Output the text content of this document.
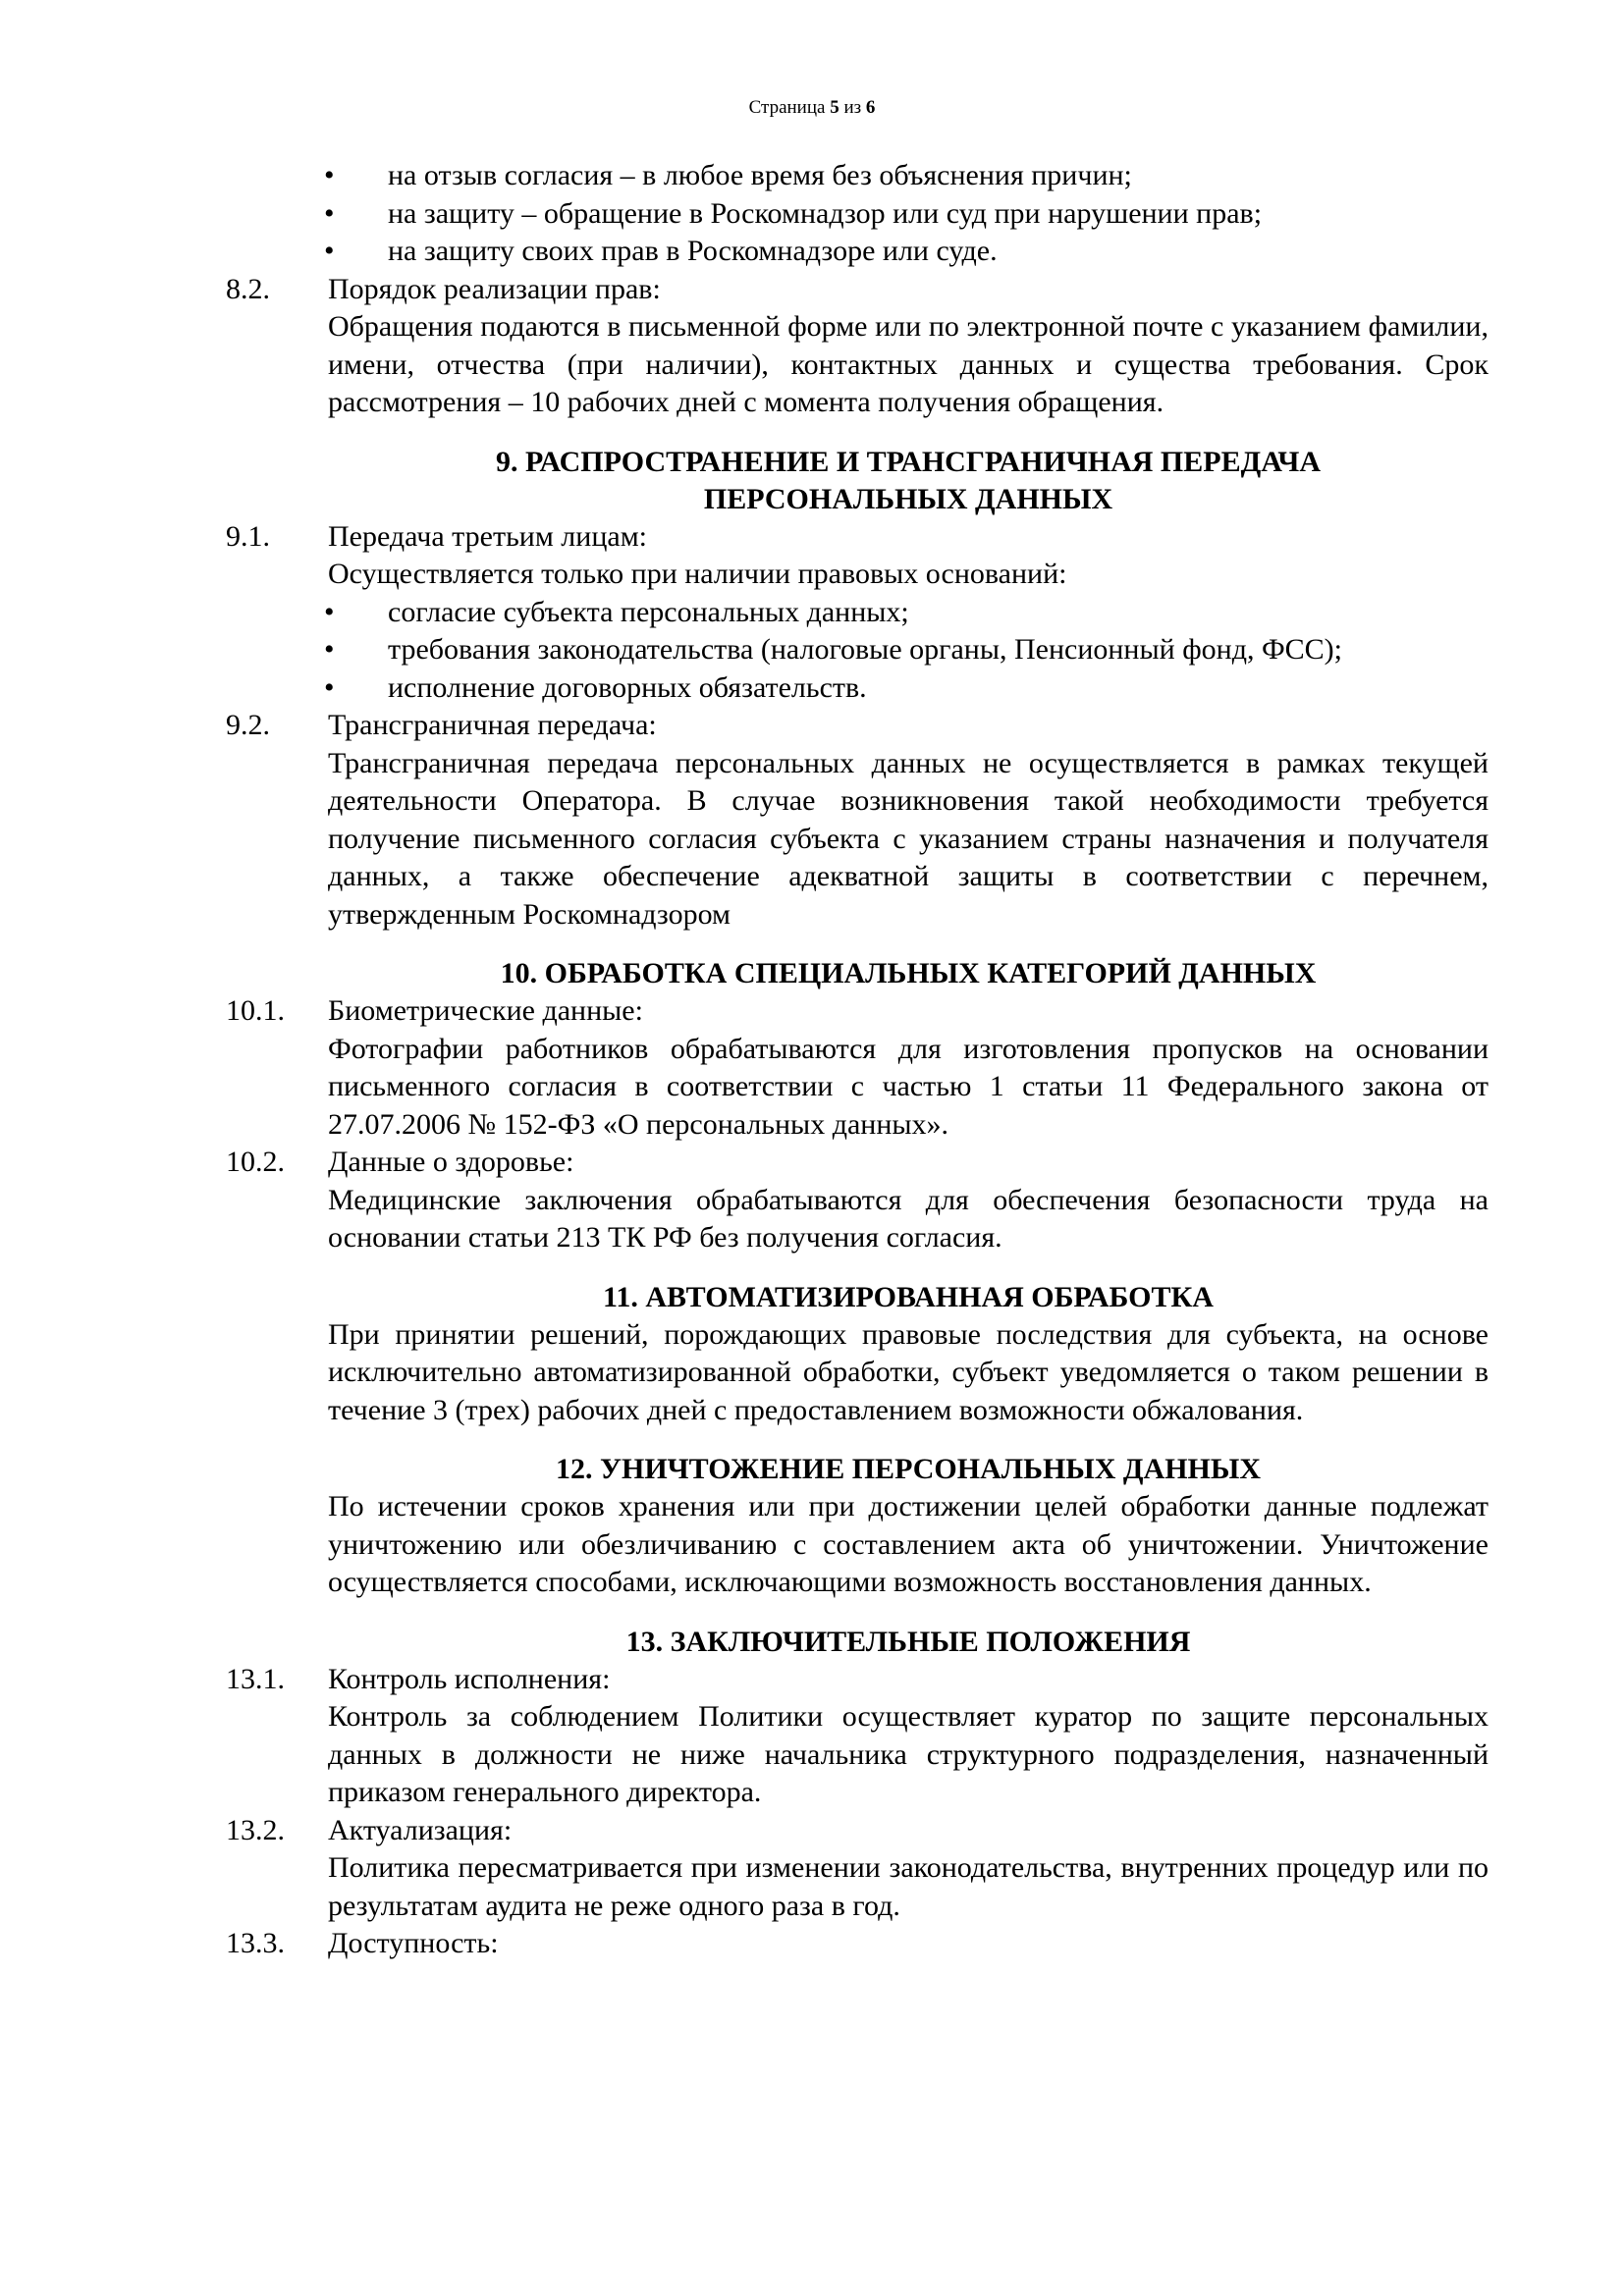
Страница 5 из 6
• на отзыв согласия – в любое время без объяснения причин;
• на защиту – обращение в Роскомнадзор или суд при нарушении прав;
• на защиту своих прав в Роскомнадзоре или суде.
8.2. Порядок реализации прав:
Обращения подаются в письменной форме или по электронной почте с указанием фамилии, имени, отчества (при наличии), контактных данных и существа требования. Срок рассмотрения – 10 рабочих дней с момента получения обращения.
9. РАСПРОСТРАНЕНИЕ И ТРАНСГРАНИЧНАЯ ПЕРЕДАЧА
ПЕРСОНАЛЬНЫХ ДАННЫХ
9.1. Передача третьим лицам:
Осуществляется только при наличии правовых оснований:
• согласие субъекта персональных данных;
• требования законодательства (налоговые органы, Пенсионный фонд, ФСС);
• исполнение договорных обязательств.
9.2. Трансграничная передача:
Трансграничная передача персональных данных не осуществляется в рамках текущей деятельности Оператора. В случае возникновения такой необходимости требуется получение письменного согласия субъекта с указанием страны назначения и получателя данных, а также обеспечение адекватной защиты в соответствии с перечнем, утвержденным Роскомнадзором
10. ОБРАБОТКА СПЕЦИАЛЬНЫХ КАТЕГОРИЙ ДАННЫХ
10.1. Биометрические данные:
Фотографии работников обрабатываются для изготовления пропусков на основании письменного согласия в соответствии с частью 1 статьи 11 Федерального закона от 27.07.2006 № 152-ФЗ «О персональных данных».
10.2. Данные о здоровье:
Медицинские заключения обрабатываются для обеспечения безопасности труда на основании статьи 213 ТК РФ без получения согласия.
11. АВТОМАТИЗИРОВАННАЯ ОБРАБОТКА
При принятии решений, порождающих правовые последствия для субъекта, на основе исключительно автоматизированной обработки, субъект уведомляется о таком решении в течение 3 (трех) рабочих дней с предоставлением возможности обжалования.
12. УНИЧТОЖЕНИЕ ПЕРСОНАЛЬНЫХ ДАННЫХ
По истечении сроков хранения или при достижении целей обработки данные подлежат уничтожению или обезличиванию с составлением акта об уничтожении. Уничтожение осуществляется способами, исключающими возможность восстановления данных.
13. ЗАКЛЮЧИТЕЛЬНЫЕ ПОЛОЖЕНИЯ
13.1. Контроль исполнения:
Контроль за соблюдением Политики осуществляет куратор по защите персональных данных в должности не ниже начальника структурного подразделения, назначенный приказом генерального директора.
13.2. Актуализация:
Политика пересматривается при изменении законодательства, внутренних процедур или по результатам аудита не реже одного раза в год.
13.3. Доступность:
